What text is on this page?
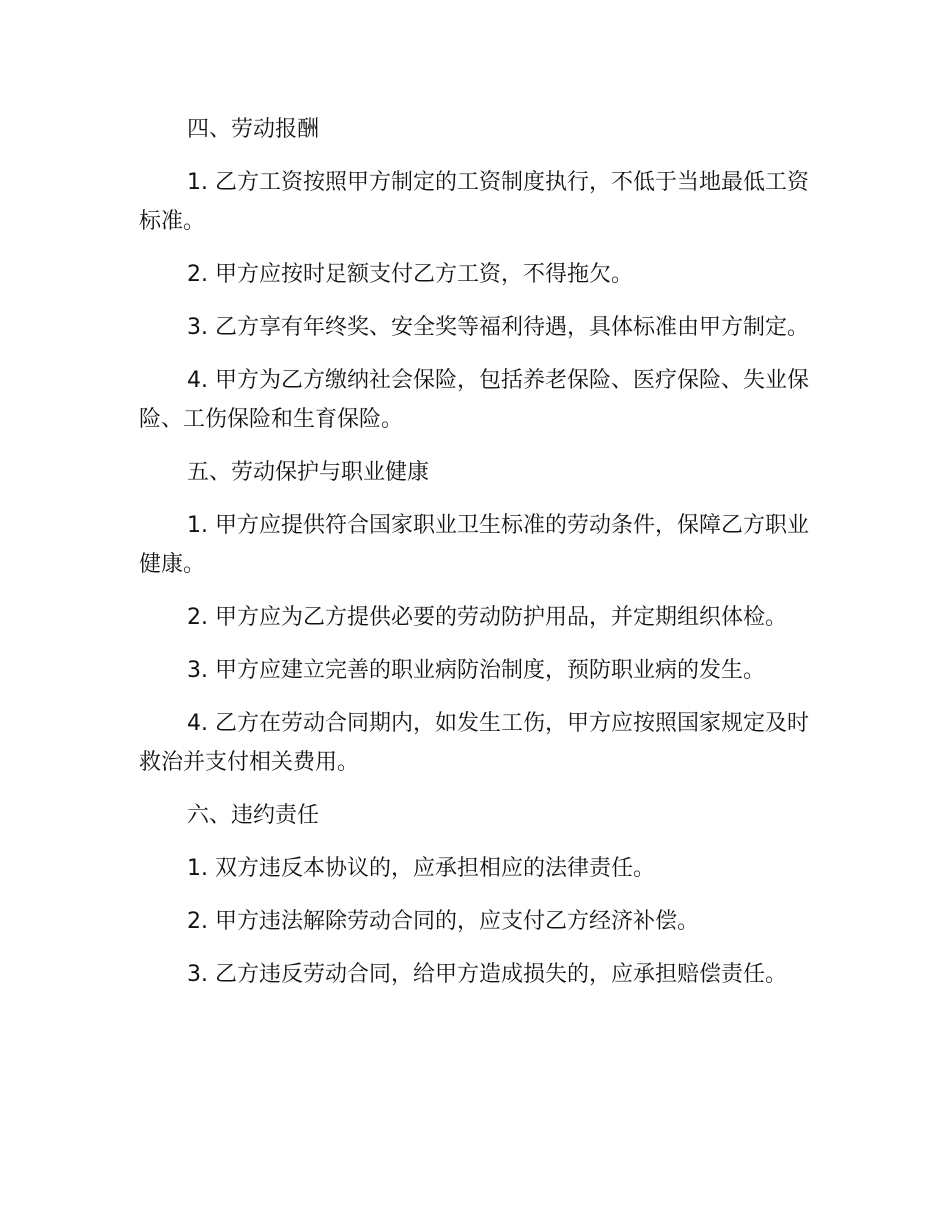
四、劳动报酬

1. 乙方工资按照甲方制定的工资制度执行，不低于当地最低工资标准。

2. 甲方应按时足额支付乙方工资，不得拖欠。

3. 乙方享有年终奖、安全奖等福利待遇，具体标准由甲方制定。

4. 甲方为乙方缴纳社会保险，包括养老保险、医疗保险、失业保险、工伤保险和生育保险。

五、劳动保护与职业健康

1. 甲方应提供符合国家职业卫生标准的劳动条件，保障乙方职业健康。

2. 甲方应为乙方提供必要的劳动防护用品，并定期组织体检。

3. 甲方应建立完善的职业病防治制度，预防职业病的发生。

4. 乙方在劳动合同期内，如发生工伤，甲方应按照国家规定及时救治并支付相关费用。

六、违约责任

1. 双方违反本协议的，应承担相应的法律责任。

2. 甲方违法解除劳动合同的，应支付乙方经济补偿。

3. 乙方违反劳动合同，给甲方造成损失的，应承担赔偿责任。
